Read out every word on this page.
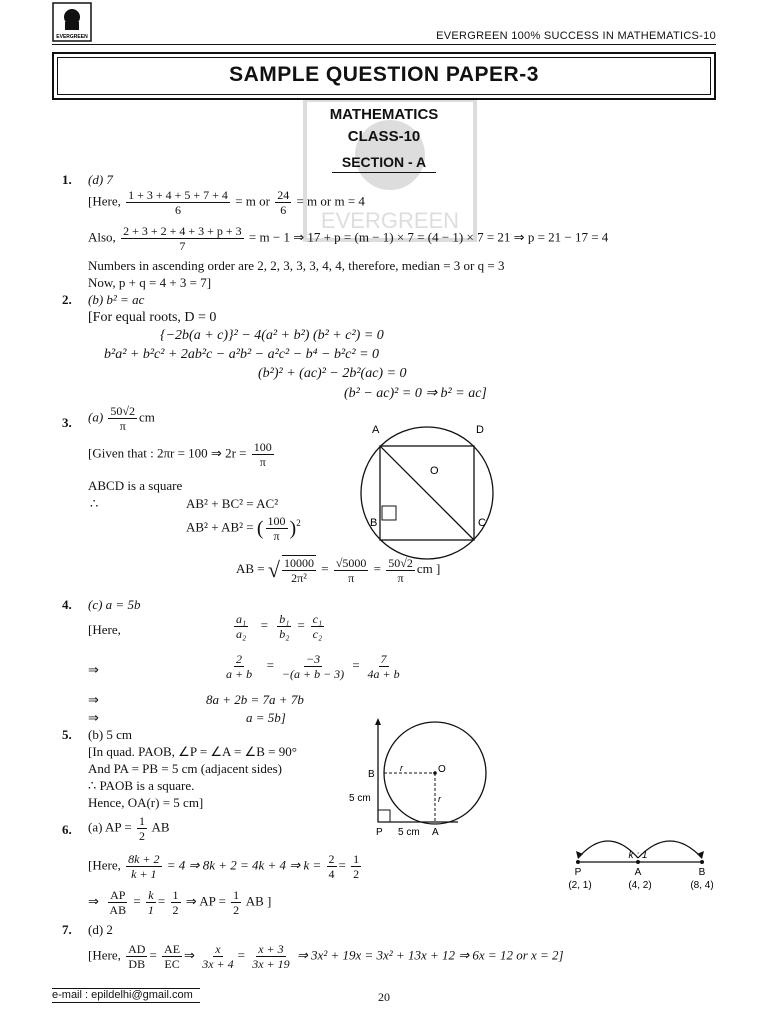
EVERGREEN	EVERGREEN 100% SUCCESS IN MATHEMATICS-10
SAMPLE QUESTION PAPER-3
EVERGREEN
MATHEMATICS
CLASS-10
SECTION - A
1. (d) 7
[Here, $\frac{1 + 3 + 4 + 5 + 7 + 4}{6} = m$ or $\frac{24}{6} = m$ or m = 4
Also, $\frac{2 + 3 + 2 + 4 + 3 + p + 3}{7} = m - 1$ ⇒ 17 + p = (m − 1) × 7 = (4 − 1) × 7 = 21 ⇒ p = 21 − 17 = 4
Numbers in ascending order are 2, 2, 3, 3, 3, 4, 4, therefore, median = 3 or q = 3
Now, p + q = 4 + 3 = 7]
2. (b) b² = ac
[For equal roots, D = 0
{−2b(a + c)}² − 4(a² + b²) (b² + c²) = 0
b²a² + b²c² + 2ab²c − a²b² − a²c² − b⁴ − b²c² = 0
(b²)² + (ac)² − 2b²(ac) = 0
(b² − ac)² = 0 ⇒ b² = ac]
3. $(a) \frac{50√2}{\pi}$ cm
[Given that : 2πr = 100 ⇒ $2r = \frac{100}{\pi}$
ABCD is a square
∴	AB² + BC² = AC²
AB² + AB² = ( $\frac{100}{\pi} )^2$
AB = √ $\frac{10000}{\text{2π²}} = \frac{√5000}{\pi} = \frac{50√2}{\pi}$ cm ]
A	D
B	C
O
4. (c) a = 5b
[Here,	$\frac{\text{a₁}}{\text{a₂}} = \frac{\text{b₁}}{\text{b₂}} = \frac{\text{c₁}}{\text{c₂}}$
⇒	$\frac{2}{a + b} = \frac{-3}{-(a + b - 3)} = \frac{7}{4a + b}$
⇒	8a + 2b = 7a + 7b
⇒	a = 5b]
5. (b) 5 cm
[In quad. PAOB, ∠P = ∠A = ∠B = 90°
And PA = PB = 5 cm (adjacent sides)
∴ PAOB is a square.
Hence, OA(r) = 5 cm]
B	O
r
r
5 cm
P 5 cm A
6. (a) AP = $\frac{1}{2}$ AB
[Here, $\frac{8k + 2}{k + 1} = 4$ ⇒ 8k + 2 = 4k + 4 ⇒ $k = \frac{2}{4} = \frac{1}{2}$
⇒ $\frac{AP}{AB} = \frac{k}{1} = \frac{1}{2}$ ⇒ AP = $\frac{1}{2}$ AB ]
k : 1
P	A	B
(2, 1)	(4, 2)	(8, 4)
7. (d) 2
[Here, $\frac{AD}{DB} = \frac{AE}{EC}$ ⇒ $\frac{x}{3x + 4} = \frac{x + 3}{3x + 19}$ ⇒ 3x² + 19x = 3x² + 13x + 12 ⇒ 6x = 12 or x = 2]
e-mail : epildelhi@gmail.com	20
